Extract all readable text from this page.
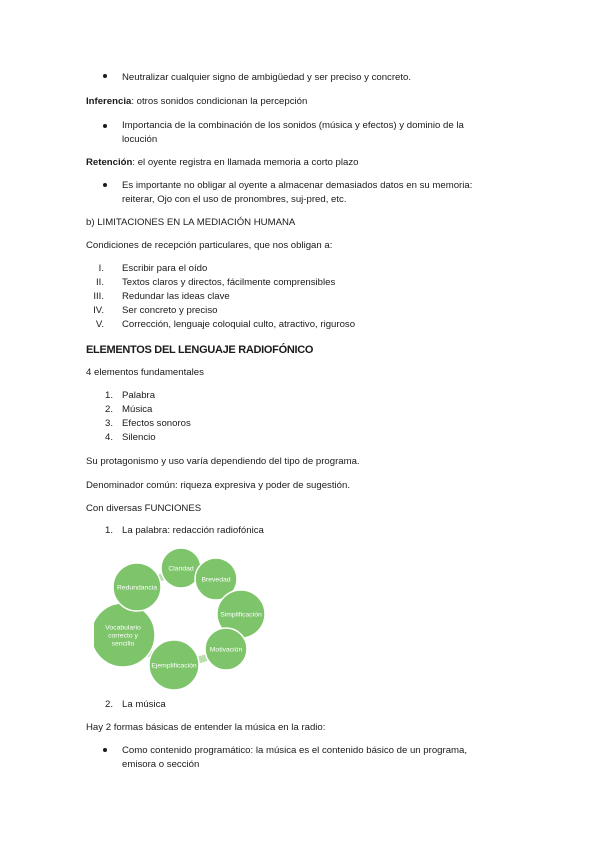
Neutralizar cualquier signo de ambigüedad y ser preciso y concreto.
Inferencia: otros sonidos condicionan la percepción
Importancia de la combinación de los sonidos (música y efectos) y dominio de la
locución
Retención: el oyente registra en llamada memoria a corto plazo
Es importante no obligar al oyente a almacenar demasiados datos en su memoria:
reiterar, Ojo con el uso de pronombres, suj-pred, etc.
b) LIMITACIONES EN LA MEDIACIÓN HUMANA
Condiciones de recepción particulares, que nos obligan a:
I. Escribir para el oído
II. Textos claros y directos, fácilmente comprensibles
III. Redundar las ideas clave
IV. Ser concreto y preciso
V. Corrección, lenguaje coloquial culto, atractivo, riguroso
ELEMENTOS DEL LENGUAJE RADIOFÓNICO
4 elementos fundamentales
1. Palabra
2. Música
3. Efectos sonoros
4. Silencio
Su protagonismo y uso varía dependiendo del tipo de programa.
Denominador común: riqueza expresiva y poder de sugestión.
Con diversas FUNCIONES
1. La palabra: redacción radiofónica
Claridad
Brevedad
Simplificación
Motivación
Ejemplificación
Vocabulario
correcto y
sencillo
Redundancia
2. La música
Hay 2 formas básicas de entender la música en la radio:
Como contenido programático: la música es el contenido básico de un programa,
emisora o sección
